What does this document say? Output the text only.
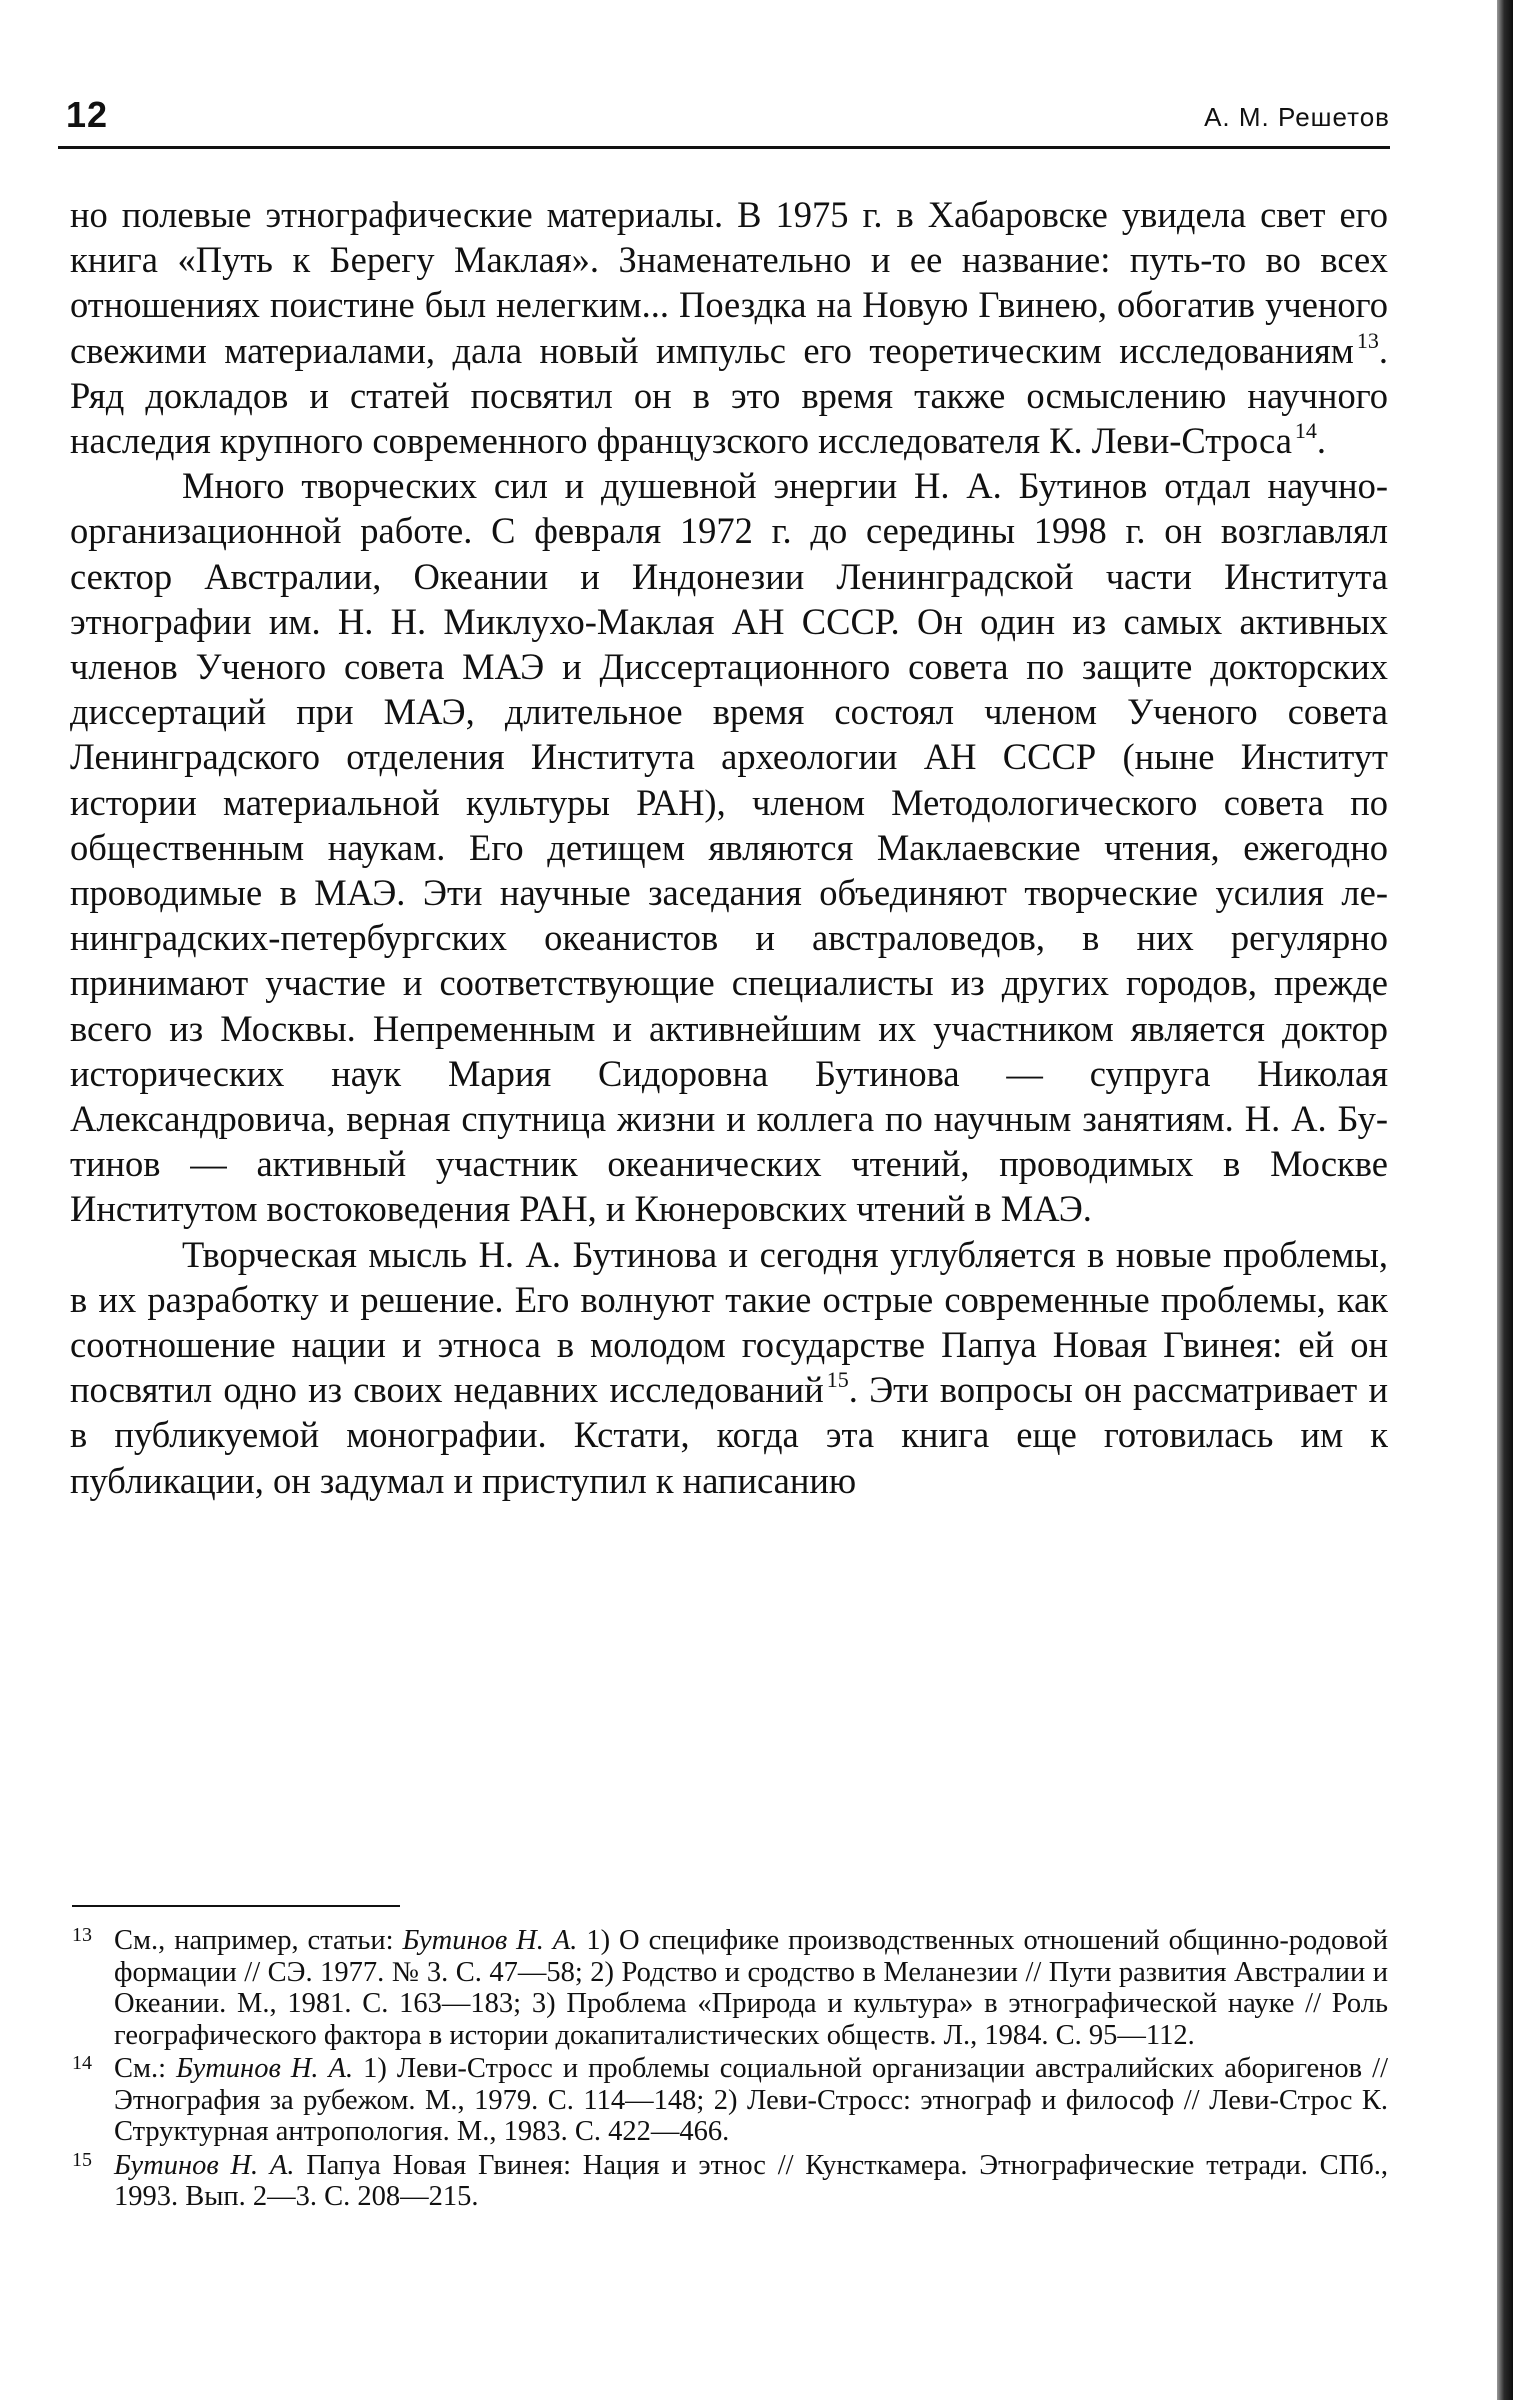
12	А. М. Решетов

но полевые этнографические материалы. В 1975 г. в Хабаровске увидела свет его книга «Путь к Берегу Маклая». Знаменательно и ее название: путь-то во всех отношениях поистине был нелегким... Поездка на Новую Гвинею, обогатив ученого свежими материалами, дала новый импульс его теоретическим исследованиям $^{13}$. Ряд докладов и статей посвятил он в это время также осмыслению научного наследия крупного современного французского исследователя К. Леви-Строса $^{14}$.

Много творческих сил и душевной энергии Н. А. Бутинов отдал научно-организационной работе. С февраля 1972 г. до середины 1998 г. он возглавлял сектор Австралии, Океании и Индонезии Ленинградской части Института этнографии им. Н. Н. Миклухо-Маклая АН СССР. Он один из самых активных членов Ученого совета МАЭ и Диссертационного совета по защите докторских диссертаций при МАЭ, длительное время состоял членом Ученого совета Ленинградского отделения Института археологии АН СССР (ныне Институт истории материальной культуры РАН), членом Методологического совета по общественным наукам. Его детищем являются Маклаевские чтения, ежегодно проводимые в МАЭ. Эти научные заседания объединяют творческие усилия ленинградских-петербургских океанистов и австраловедов, в них регулярно принимают участие и соответствующие специалисты из других городов, прежде всего из Москвы. Непременным и активнейшим их участником является доктор исторических наук Мария Сидоровна Бутинова — супруга Николая Александровича, верная спутница жизни и коллега по научным занятиям. Н. А. Бутинов — активный участник океанических чтений, проводимых в Москве Институтом востоковедения РАН, и Кюнеровских чтений в МАЭ.

Творческая мысль Н. А. Бутинова и сегодня углубляется в новые проблемы, в их разработку и решение. Его волнуют такие острые современные проблемы, как соотношение нации и этноса в молодом государстве Папуа Новая Гвинея: ей он посвятил одно из своих недавних исследований $^{15}$. Эти вопросы он рассматривает и в публикуемой монографии. Кстати, когда эта книга еще готовилась им к публикации, он задумал и приступил к написанию

13 См., например, статьи: Бутинов Н. А. 1) О специфике производственных отношений общинно-родовой формации // СЭ. 1977. № 3. С. 47—58; 2) Родство и сродство в Меланезии // Пути развития Австралии и Океании. М., 1981. С. 163—183; 3) Проблема «Природа и культура» в этнографической науке // Роль географического фактора в истории докапиталистических обществ. Л., 1984. С. 95—112.

14 См.: Бутинов Н. А. 1) Леви-Стросс и проблемы социальной организации австралийских аборигенов // Этнография за рубежом. М., 1979. С. 114—148; 2) Леви-Стросс: этнограф и философ // Леви-Строс К. Структурная антропология. М., 1983. С. 422—466.

15 Бутинов Н. А. Папуа Новая Гвинея: Нация и этнос // Кунсткамера. Этнографические тетради. СПб., 1993. Вып. 2—3. С. 208—215.
